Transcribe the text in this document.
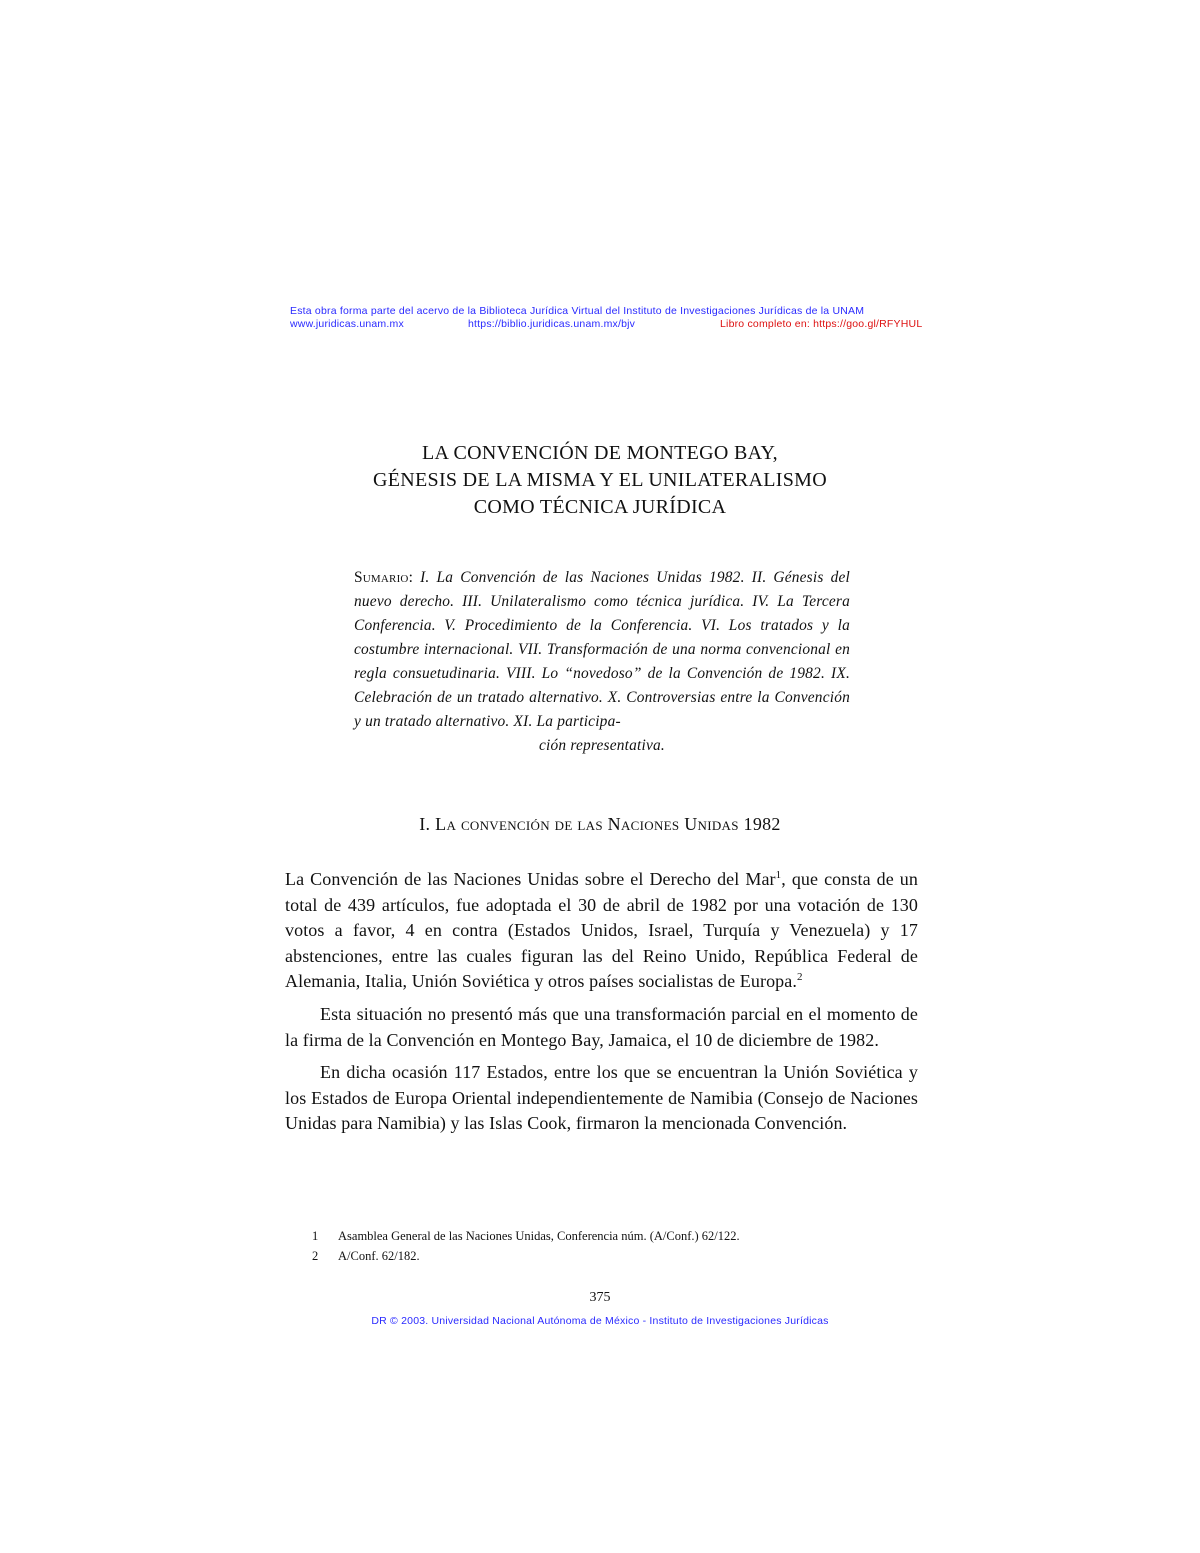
Esta obra forma parte del acervo de la Biblioteca Jurídica Virtual del Instituto de Investigaciones Jurídicas de la UNAM
www.juridicas.unam.mx	https://biblio.juridicas.unam.mx/bjv	Libro completo en: https://goo.gl/RFYHUL
LA CONVENCIÓN DE MONTEGO BAY,
GÉNESIS DE LA MISMA Y EL UNILATERALISMO
COMO TÉCNICA JURÍDICA
Sumario: I. La Convención de las Naciones Unidas 1982. II. Génesis del nuevo derecho. III. Unilateralismo como técnica jurídica. IV. La Tercera Conferencia. V. Procedimiento de la Conferencia. VI. Los tratados y la costumbre internacional. VII. Transformación de una norma convencional en regla consuetudinaria. VIII. Lo “novedoso” de la Convención de 1982. IX. Celebración de un tratado alternativo. X. Controversias entre la Convención y un tratado alternativo. XI. La participa-
ción representativa.
I. La convención de las Naciones Unidas 1982

La Convención de las Naciones Unidas sobre el Derecho del Mar$^1$, que consta de un total de 439 artículos, fue adoptada el 30 de abril de 1982 por una votación de 130 votos a favor, 4 en contra (Estados Unidos, Israel, Turquía y Venezuela) y 17 abstenciones, entre las cuales figuran las del Reino Unido, República Federal de Alemania, Italia, Unión Soviética y otros países socialistas de Europa.$^2$

Esta situación no presentó más que una transformación parcial en el momento de la firma de la Convención en Montego Bay, Jamaica, el 10 de diciembre de 1982.

En dicha ocasión 117 Estados, entre los que se encuentran la Unión Soviética y los Estados de Europa Oriental independientemente de Namibia (Consejo de Naciones Unidas para Namibia) y las Islas Cook, firmaron la mencionada Convención.

1	Asamblea General de las Naciones Unidas, Conferencia núm. (A/Conf.) 62/122.
2	A/Conf. 62/182.
375
DR © 2003. Universidad Nacional Autónoma de México - Instituto de Investigaciones Jurídicas
